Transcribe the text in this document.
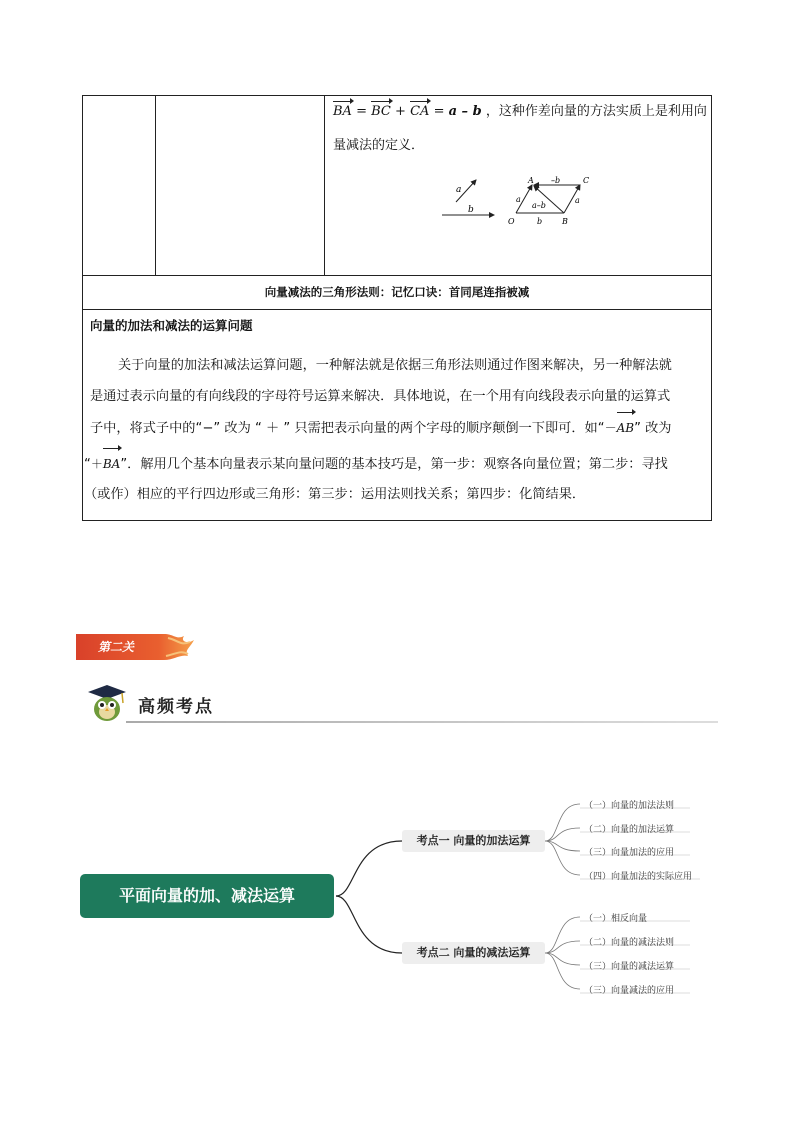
BA = BC + CA = a – b ，这种作差向量的方法实质上是利用向
量减法的定义．
a
b
A	C
O	B
–b
a–b
a	a
b
向量减法的三角形法则：记忆口诀：首同尾连指被减
向量的加法和减法的运算问题
关于向量的加法和减法运算问题，一种解法就是依据三角形法则通过作图来解决，另一种解法就
是通过表示向量的有向线段的字母符号运算来解决．具体地说，在一个用有向线段表示向量的运算式
子中，将式子中的“−” 改为 “ ＋ ” 只需把表示向量的两个字母的顺序颠倒一下即可．如“－AB” 改为
“＋BA”．解用几个基本向量表示某向量问题的基本技巧是，第一步：观察各向量位置；第二步：寻找
（或作）相应的平行四边形或三角形：第三步：运用法则找关系；第四步：化简结果．
第二关
高频考点
平面向量的加、减法运算
考点一 向量的加法运算
考点二 向量的减法运算
（一）向量的加法法则
（二）向量的加法运算
（三）向量加法的应用
（四）向量加法的实际应用
（一）相反向量
（二）向量的减法法则
（三）向量的减法运算
（三）向量减法的应用
